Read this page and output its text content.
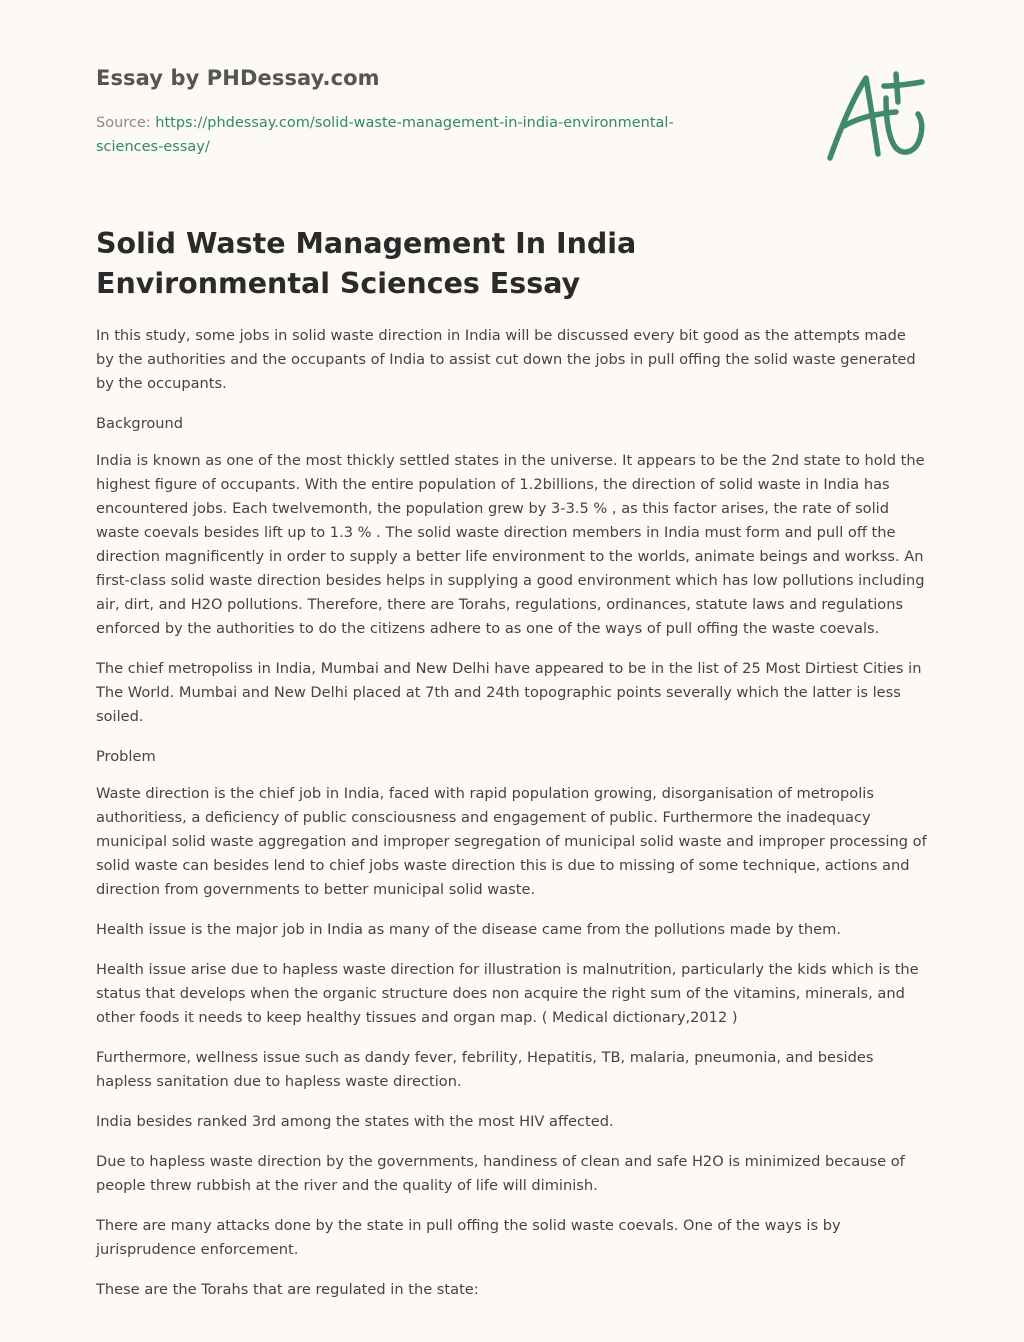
Essay by PHDessay.com
Source: https://phdessay.com/solid-waste-management-in-india-environmental-sciences-essay/
Solid Waste Management In India Environmental Sciences Essay

In this study, some jobs in solid waste direction in India will be discussed every bit good as the attempts made by the authorities and the occupants of India to assist cut down the jobs in pull offing the solid waste generated by the occupants.

Background

India is known as one of the most thickly settled states in the universe. It appears to be the 2nd state to hold the highest figure of occupants. With the entire population of 1.2billions, the direction of solid waste in India has encountered jobs. Each twelvemonth, the population grew by 3-3.5 % , as this factor arises, the rate of solid waste coevals besides lift up to 1.3 % . The solid waste direction members in India must form and pull off the direction magnificently in order to supply a better life environment to the worlds, animate beings and workss. An first-class solid waste direction besides helps in supplying a good environment which has low pollutions including air, dirt, and H2O pollutions. Therefore, there are Torahs, regulations, ordinances, statute laws and regulations enforced by the authorities to do the citizens adhere to as one of the ways of pull offing the waste coevals.

The chief metropoliss in India, Mumbai and New Delhi have appeared to be in the list of 25 Most Dirtiest Cities in The World. Mumbai and New Delhi placed at 7th and 24th topographic points severally which the latter is less soiled.

Problem

Waste direction is the chief job in India, faced with rapid population growing, disorganisation of metropolis authoritiess, a deficiency of public consciousness and engagement of public. Furthermore the inadequacy municipal solid waste aggregation and improper segregation of municipal solid waste and improper processing of solid waste can besides lend to chief jobs waste direction this is due to missing of some technique, actions and direction from governments to better municipal solid waste.

Health issue is the major job in India as many of the disease came from the pollutions made by them.

Health issue arise due to hapless waste direction for illustration is malnutrition, particularly the kids which is the status that develops when the organic structure does non acquire the right sum of the vitamins, minerals, and other foods it needs to keep healthy tissues and organ map. ( Medical dictionary,2012 )

Furthermore, wellness issue such as dandy fever, febrility, Hepatitis, TB, malaria, pneumonia, and besides hapless sanitation due to hapless waste direction.

India besides ranked 3rd among the states with the most HIV affected.

Due to hapless waste direction by the governments, handiness of clean and safe H2O is minimized because of people threw rubbish at the river and the quality of life will diminish.

There are many attacks done by the state in pull offing the solid waste coevals. One of the ways is by jurisprudence enforcement.

These are the Torahs that are regulated in the state:
